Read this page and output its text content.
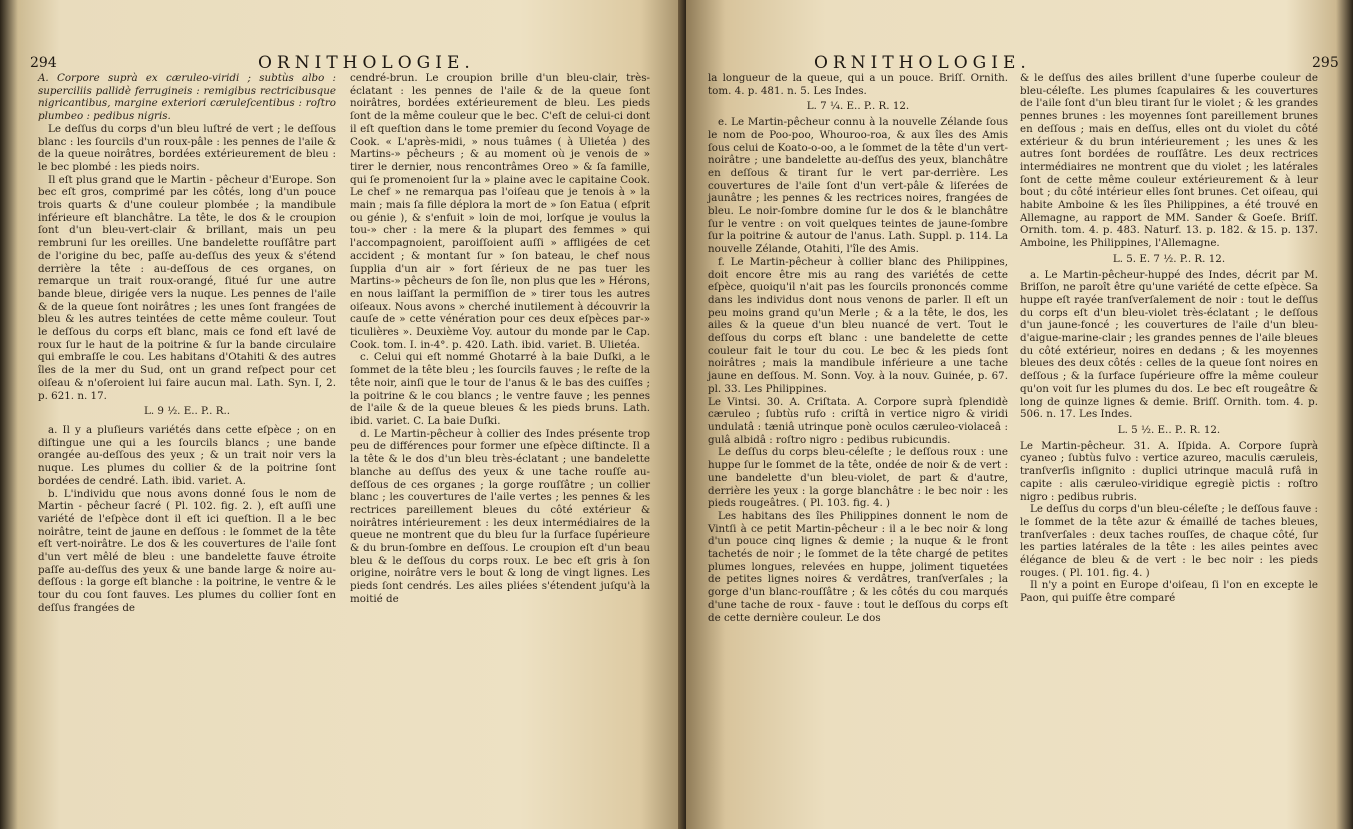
294	ORNITHOLOGIE.

A. Corpore suprà ex cæruleo-viridi ; subtùs albo : superciliis pallidè ferrugineis : remigibus rectricibusque nigricantibus, margine exteriori cæruleſcentibus : roſtro plumbeo : pedibus nigris.

Le deſſus du corps d'un bleu luſtré de vert ; le deſſous blanc : les ſourcils d'un roux-pâle : les pennes de l'aile & de la queue noirâtres, bordées extérieurement de bleu : le bec plombé : les pieds noirs.

Il eſt plus grand que le Martin - pêcheur d'Europe. Son bec eſt gros, comprimé par les côtés, long d'un pouce trois quarts & d'une couleur plombée ; la mandibule inférieure eſt blanchâtre. La tête, le dos & le croupion ſont d'un bleu-vert-clair & brillant, mais un peu rembruni ſur les oreilles. Une bandelette rouſſâtre part de l'origine du bec, paſſe au-deſſus des yeux & s'étend derrière la tête : au-deſſous de ces organes, on remarque un trait roux-orangé, ſitué ſur une autre bande bleue, dirigée vers la nuque. Les pennes de l'aile & de la queue ſont noirâtres ; les unes ſont frangées de bleu & les autres teintées de cette même couleur. Tout le deſſous du corps eſt blanc, mais ce fond eſt lavé de roux ſur le haut de la poitrine & ſur la bande circulaire qui embraſſe le cou. Les habitans d'Otahiti & des autres îles de la mer du Sud, ont un grand reſpect pour cet oiſeau & n'oſeroient lui faire aucun mal. Lath. Syn. I, 2. p. 621. n. 17.

L. 9 ½. E.. P.. R..

a. Il y a pluſieurs variétés dans cette eſpèce ; on en diſtingue une qui a les ſourcils blancs ; une bande orangée au-deſſous des yeux ; & un trait noir vers la nuque. Les plumes du collier & de la poitrine ſont bordées de cendré. Lath. ibid. variet. A.

b. L'individu que nous avons donné ſous le nom de Martin - pêcheur ſacré ( Pl. 102. fig. 2. ), eſt auſſi une variété de l'eſpèce dont il eſt ici queſtion. Il a le bec noirâtre, teint de jaune en deſſous : le ſommet de la tête eſt vert-noirâtre. Le dos & les couvertures de l'aile ſont d'un vert mêlé de bleu : une bandelette fauve étroite paſſe au-deſſus des yeux & une bande large & noire au-deſſous : la gorge eſt blanche : la poitrine, le ventre & le tour du cou ſont fauves. Les plumes du collier ſont en deſſus frangées de

cendré-brun. Le croupion brille d'un bleu-clair, très-éclatant : les pennes de l'aile & de la queue ſont noirâtres, bordées extérieurement de bleu. Les pieds ſont de la même couleur que le bec. C'eſt de celui-ci dont il eſt queſtion dans le tome premier du ſecond Voyage de Cook. « L'après-midi, » nous tuâmes ( à Ulietéa ) des Martins-» pêcheurs ; & au moment où je venois de » tirer le dernier, nous rencontrâmes Oreo » & ſa famille, qui ſe promenoient ſur la » plaine avec le capitaine Cook. Le chef » ne remarqua pas l'oiſeau que je tenois à » la main ; mais ſa fille déplora la mort de » ſon Eatua ( eſprit ou génie ), & s'enfuit » loin de moi, lorſque je voulus la tou-» cher : la mere & la plupart des femmes » qui l'accompagnoient, paroiſſoient auſſi » affligées de cet accident ; & montant ſur » ſon bateau, le chef nous ſupplia d'un air » fort ſérieux de ne pas tuer les Martins-» pêcheurs de ſon île, non plus que les » Hérons, en nous laiſſant la permiſſion de » tirer tous les autres oiſeaux. Nous avons » cherché inutilement à découvrir la cauſe de » cette vénération pour ces deux eſpèces par-» ticulières ». Deuxième Voy. autour du monde par le Cap. Cook. tom. I. in-4°. p. 420. Lath. ibid. variet. B. Ulietéa.

c. Celui qui eſt nommé Ghotarré à la baie Duſki, a le ſommet de la tête bleu ; les ſourcils fauves ; le reſte de la tête noir, ainſi que le tour de l'anus & le bas des cuiſſes ; la poitrine & le cou blancs ; le ventre fauve ; les pennes de l'aile & de la queue bleues & les pieds bruns. Lath. ibid. variet. C. La baie Duſki.

d. Le Martin-pêcheur à collier des Indes présente trop peu de différences pour former une eſpèce diſtincte. Il a la tête & le dos d'un bleu très-éclatant ; une bandelette blanche au deſſus des yeux & une tache rouſſe au-deſſous de ces organes ; la gorge rouſſâtre ; un collier blanc ; les couvertures de l'aile vertes ; les pennes & les rectrices pareillement bleues du côté extérieur & noirâtres intérieurement : les deux intermédiaires de la queue ne montrent que du bleu ſur la ſurface ſupérieure & du brun-ſombre en deſſous. Le croupion eſt d'un beau bleu & le deſſous du corps roux. Le bec eſt gris à ſon origine, noirâtre vers le bout & long de vingt lignes. Les pieds ſont cendrés. Les ailes pliées s'étendent juſqu'à la moitié de

ORNITHOLOGIE.	295

la longueur de la queue, qui a un pouce. Briſſ. Ornith. tom. 4. p. 481. n. 5. Les Indes.

L. 7 ¼. E.. P.. R. 12.

e. Le Martin-pêcheur connu à la nouvelle Zélande ſous le nom de Poo-poo, Whouroo-roa, & aux îles des Amis ſous celui de Koato-o-oo, a le ſommet de la tête d'un vert-noirâtre ; une bandelette au-deſſus des yeux, blanchâtre en deſſous & tirant ſur le vert par-derrière. Les couvertures de l'aile ſont d'un vert-pâle & liſerées de jaunâtre ; les pennes & les rectrices noires, frangées de bleu. Le noir-ſombre domine ſur le dos & le blanchâtre ſur le ventre : on voit quelques teintes de jaune-ſombre ſur la poitrine & autour de l'anus. Lath. Suppl. p. 114. La nouvelle Zélande, Otahiti, l'île des Amis.

f. Le Martin-pêcheur à collier blanc des Philippines, doit encore être mis au rang des variétés de cette eſpèce, quoiqu'il n'ait pas les ſourcils prononcés comme dans les individus dont nous venons de parler. Il eſt un peu moins grand qu'un Merle ; & a la tête, le dos, les ailes & la queue d'un bleu nuancé de vert. Tout le deſſous du corps eſt blanc : une bandelette de cette couleur fait le tour du cou. Le bec & les pieds ſont noirâtres ; mais la mandibule inférieure a une tache jaune en deſſous. M. Sonn. Voy. à la nouv. Guinée, p. 67. pl. 33. Les Philippines.

Le Vintsi. 30. A. Criſtata. A. Corpore suprà ſplendidè cæruleo ; ſubtùs rufo : criſtâ in vertice nigro & viridi undulatâ : tæniâ utrinque ponè oculos cæruleo-violaceâ : gulâ albidâ : roſtro nigro : pedibus rubicundis.

Le deſſus du corps bleu-céleſte ; le deſſous roux : une huppe ſur le ſommet de la tête, ondée de noir & de vert : une bandelette d'un bleu-violet, de part & d'autre, derrière les yeux : la gorge blanchâtre : le bec noir : les pieds rougeâtres. ( Pl. 103. fig. 4. )

Les habitans des îles Philippines donnent le nom de Vintſi à ce petit Martin-pêcheur : il a le bec noir & long d'un pouce cinq lignes & demie ; la nuque & le front tachetés de noir ; le ſommet de la tête chargé de petites plumes longues, relevées en huppe, joliment tiquetées de petites lignes noires & verdâtres, tranſverſales ; la gorge d'un blanc-rouſſâtre ; & les côtés du cou marqués d'une tache de roux - fauve : tout le deſſous du corps eſt de cette dernière couleur. Le dos

& le deſſus des ailes brillent d'une ſuperbe couleur de bleu-céleſte. Les plumes ſcapulaires & les couvertures de l'aile ſont d'un bleu tirant ſur le violet ; & les grandes pennes brunes : les moyennes ſont pareillement brunes en deſſous ; mais en deſſus, elles ont du violet du côté extérieur & du brun intérieurement ; les unes & les autres ſont bordées de rouſſâtre. Les deux rectrices intermédiaires ne montrent que du violet ; les latérales ſont de cette même couleur extérieurement & à leur bout ; du côté intérieur elles ſont brunes. Cet oiſeau, qui habite Amboine & les îles Philippines, a été trouvé en Allemagne, au rapport de MM. Sander & Goeſe. Briſſ. Ornith. tom. 4. p. 483. Naturf. 13. p. 182. & 15. p. 137. Amboine, les Philippines, l'Allemagne.

L. 5. E. 7 ½. P.. R. 12.

a. Le Martin-pêcheur-huppé des Indes, décrit par M. Briſſon, ne paroît être qu'une variété de cette eſpèce. Sa huppe eſt rayée tranſverſalement de noir : tout le deſſus du corps eſt d'un bleu-violet très-éclatant ; le deſſous d'un jaune-foncé ; les couvertures de l'aile d'un bleu-d'aigue-marine-clair ; les grandes pennes de l'aile bleues du côté extérieur, noires en dedans ; & les moyennes bleues des deux côtés : celles de la queue ſont noires en deſſous ; & la ſurface ſupérieure offre la même couleur qu'on voit ſur les plumes du dos. Le bec eſt rougeâtre & long de quinze lignes & demie. Briſſ. Ornith. tom. 4. p. 506. n. 17. Les Indes.

L. 5 ½. E.. P.. R. 12.

Le Martin-pêcheur. 31. A. Iſpida. A. Corpore ſuprà cyaneo ; ſubtùs fulvo : vertice azureo, maculis cæruleis, tranſverſis inſignito : duplici utrinque maculâ rufâ in capite : alis cæruleo-viridique egregiè pictis : roſtro nigro : pedibus rubris.

Le deſſus du corps d'un bleu-céleſte ; le deſſous fauve : le ſommet de la tête azur & émaillé de taches bleues, tranſverſales : deux taches rouſſes, de chaque côté, ſur les parties latérales de la tête : les ailes peintes avec élégance de bleu & de vert : le bec noir : les pieds rouges. ( Pl. 101. fig. 4. )

Il n'y a point en Europe d'oiſeau, ſi l'on en excepte le Paon, qui puiſſe être comparé
